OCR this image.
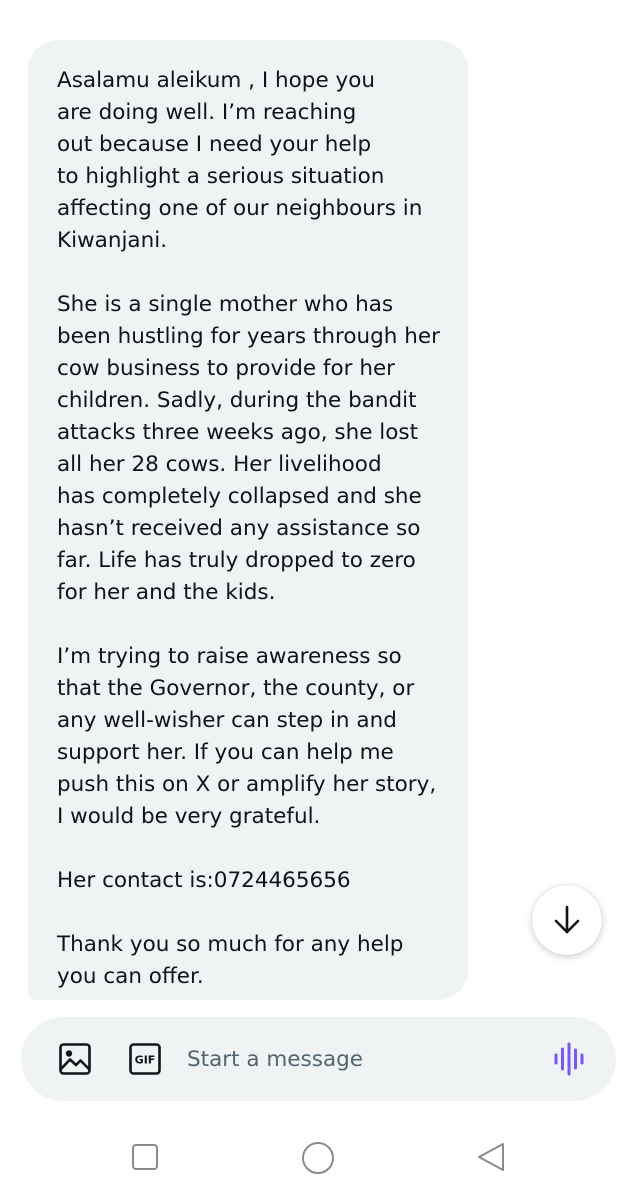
Asalamu aleikum , I hope you
are doing well. I’m reaching
out because I need your help
to highlight a serious situation
affecting one of our neighbours in
Kiwanjani.

She is a single mother who has
been hustling for years through her
cow business to provide for her
children. Sadly, during the bandit
attacks three weeks ago, she lost
all her 28 cows. Her livelihood
has completely collapsed and she
hasn’t received any assistance so
far. Life has truly dropped to zero
for her and the kids.

I’m trying to raise awareness so
that the Governor, the county, or
any well-wisher can step in and
support her. If you can help me
push this on X or amplify her story,
I would be very grateful.

Her contact is:0724465656

Thank you so much for any help
you can offer.

GIF
Start a message
